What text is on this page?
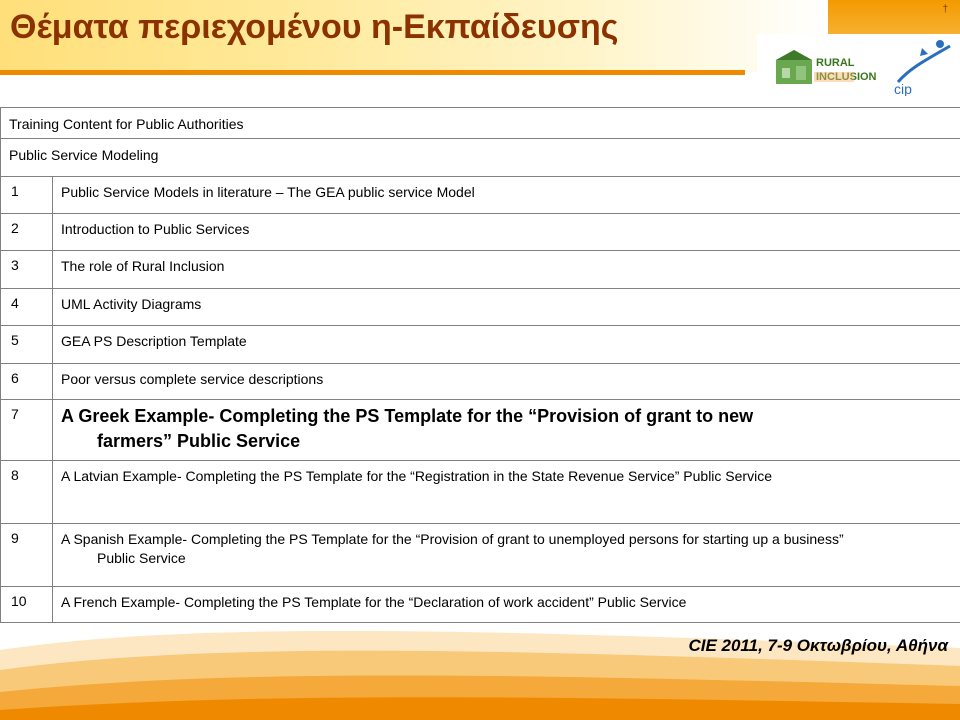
Θέματα περιεχομένου η-Εκπαίδευσης	†
RURAL
INCLUSION
cip
Training Content for Public Authorities	
Public Service Modeling	
1	Public Service Models in literature – The GEA public service Model
2	Introduction to Public Services
3	The role of Rural Inclusion
4	UML Activity Diagrams
5	GEA PS Description Template
6	Poor versus complete service descriptions
7	A Greek Example- Completing the PS Template for the “Provision of grant to new
farmers” Public Service

8	A Latvian Example- Completing the PS Template for the “Registration in the State Revenue Service” Public Service
9	A Spanish Example- Completing the PS Template for the “Provision of grant to unemployed persons for starting up a business”
Public Service

10	A French Example- Completing the PS Template for the “Declaration of work accident” Public Service
CIE 2011, 7-9 Οκτωβρίου, Αθήνα
